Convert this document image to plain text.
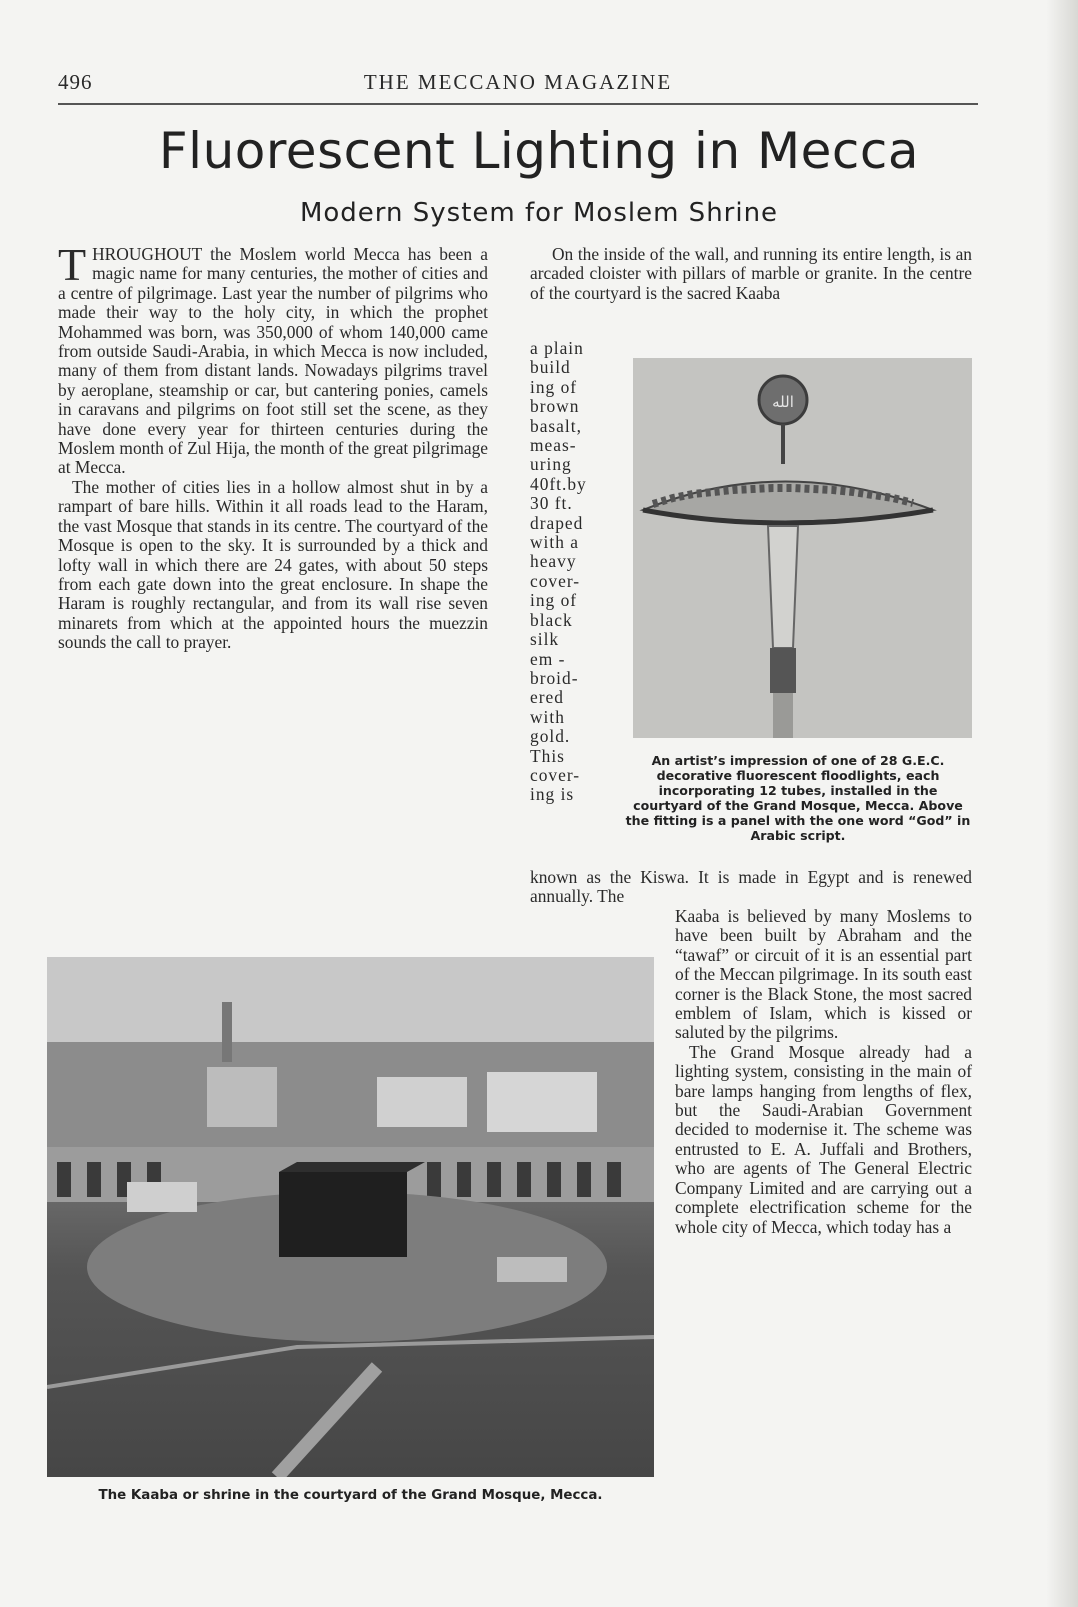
496	THE MECCANO MAGAZINE
Fluorescent Lighting in Mecca
Modern System for Moslem Shrine

THROUGHOUT the Moslem world Mecca has been a magic name for many centuries, the mother of cities and a centre of pilgrimage. Last year the number of pilgrims who made their way to the holy city, in which the prophet Mohammed was born, was 350,000 of whom 140,000 came from outside Saudi-Arabia, in which Mecca is now included, many of them from distant lands. Nowadays pilgrims travel by aeroplane, steamship or car, but cantering ponies, camels in caravans and pilgrims on foot still set the scene, as they have done every year for thirteen centuries during the Moslem month of Zul Hija, the month of the great pilgrimage at Mecca.

The mother of cities lies in a hollow almost shut in by a rampart of bare hills. Within it all roads lead to the Haram, the vast Mosque that stands in its centre. The courtyard of the Mosque is open to the sky. It is surrounded by a thick and lofty wall in which there are 24 gates, with about 50 steps from each gate down into the great enclosure. In shape the Haram is roughly rectangular, and from its wall rise seven minarets from which at the appointed hours the muezzin sounds the call to prayer.

On the inside of the wall, and running its entire length, is an arcaded cloister with pillars of marble or granite. In the centre of the courtyard is the sacred Kaaba
a plain
build
ing of
brown
basalt,
meas-
uring
40ft.by
30 ft.
draped
with a
heavy
cover-
ing of
black
silk
em -
broid-
ered
with
gold.
This
cover-
ing is
الله
An artist’s impression of one of 28 G.E.C. decorative fluorescent floodlights, each incorporating 12 tubes, installed in the courtyard of the Grand Mosque, Mecca. Above the fitting is a panel with the one word “God” in Arabic script.
known as the Kiswa. It is made in Egypt and is renewed annually. The

Kaaba is believed by many Moslems to have been built by Abraham and the “tawaf” or circuit of it is an essential part of the Meccan pilgrimage. In its south east corner is the Black Stone, the most sacred emblem of Islam, which is kissed or saluted by the pilgrims.

The Grand Mosque already had a lighting system, consisting in the main of bare lamps hanging from lengths of flex, but the Saudi-Arabian Government decided to modernise it. The scheme was entrusted to E. A. Juffali and Brothers, who are agents of The General Electric Company Limited and are carrying out a complete electrification scheme for the whole city of Mecca, which today has a

The Kaaba or shrine in the courtyard of the Grand Mosque, Mecca.
